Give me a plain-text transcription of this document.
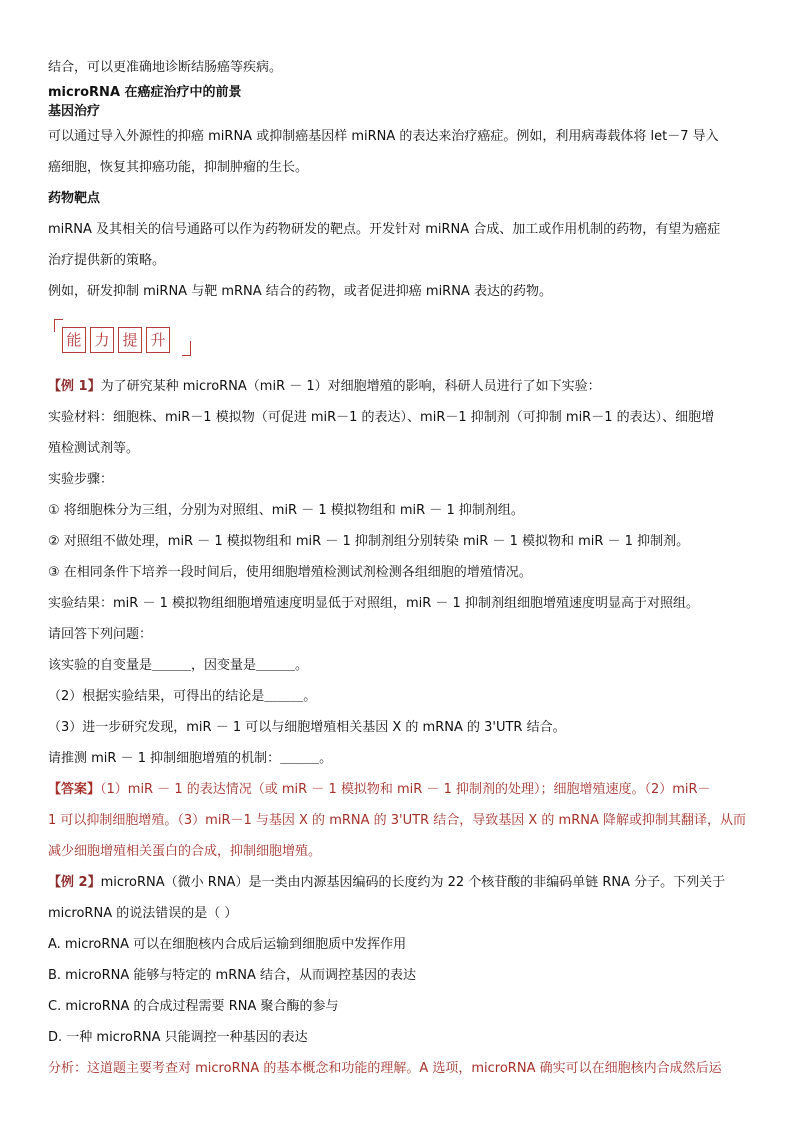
结合，可以更准确地诊断结肠癌等疾病。
microRNA 在癌症治疗中的前景
基因治疗
可以通过导入外源性的抑癌 miRNA 或抑制癌基因样 miRNA 的表达来治疗癌症。例如，利用病毒载体将 let－7 导入
癌细胞，恢复其抑癌功能，抑制肿瘤的生长。
药物靶点
miRNA 及其相关的信号通路可以作为药物研发的靶点。开发针对 miRNA 合成、加工或作用机制的药物，有望为癌症
治疗提供新的策略。
例如，研发抑制 miRNA 与靶 mRNA 结合的药物，或者促进抑癌 miRNA 表达的药物。
能 力 提 升
【例 1】为了研究某种 microRNA（miR － 1）对细胞增殖的影响，科研人员进行了如下实验：
实验材料：细胞株、miR－1 模拟物（可促进 miR－1 的表达）、miR－1 抑制剂（可抑制 miR－1 的表达）、细胞增
殖检测试剂等。
实验步骤：
① 将细胞株分为三组，分别为对照组、miR － 1 模拟物组和 miR － 1 抑制剂组。
② 对照组不做处理，miR － 1 模拟物组和 miR － 1 抑制剂组分别转染 miR － 1 模拟物和 miR － 1 抑制剂。
③ 在相同条件下培养一段时间后，使用细胞增殖检测试剂检测各组细胞的增殖情况。
实验结果：miR － 1 模拟物组细胞增殖速度明显低于对照组，miR － 1 抑制剂组细胞增殖速度明显高于对照组。
请回答下列问题：
该实验的自变量是＿＿＿，因变量是＿＿＿。
（2）根据实验结果，可得出的结论是＿＿＿。
（3）进一步研究发现，miR － 1 可以与细胞增殖相关基因 X 的 mRNA 的 3'UTR 结合。
请推测 miR － 1 抑制细胞增殖的机制：＿＿＿。
【答案】（1）miR － 1 的表达情况（或 miR － 1 模拟物和 miR － 1 抑制剂的处理）；细胞增殖速度。（2）miR－
1 可以抑制细胞增殖。（3）miR－1 与基因 X 的 mRNA 的 3'UTR 结合，导致基因 X 的 mRNA 降解或抑制其翻译，从而
减少细胞增殖相关蛋白的合成，抑制细胞增殖。
【例 2】microRNA（微小 RNA）是一类由内源基因编码的长度约为 22 个核苷酸的非编码单链 RNA 分子。下列关于
microRNA 的说法错误的是（ ）
A. microRNA 可以在细胞核内合成后运输到细胞质中发挥作用
B. microRNA 能够与特定的 mRNA 结合，从而调控基因的表达
C. microRNA 的合成过程需要 RNA 聚合酶的参与
D. 一种 microRNA 只能调控一种基因的表达
分析：这道题主要考查对 microRNA 的基本概念和功能的理解。A 选项，microRNA 确实可以在细胞核内合成然后运
